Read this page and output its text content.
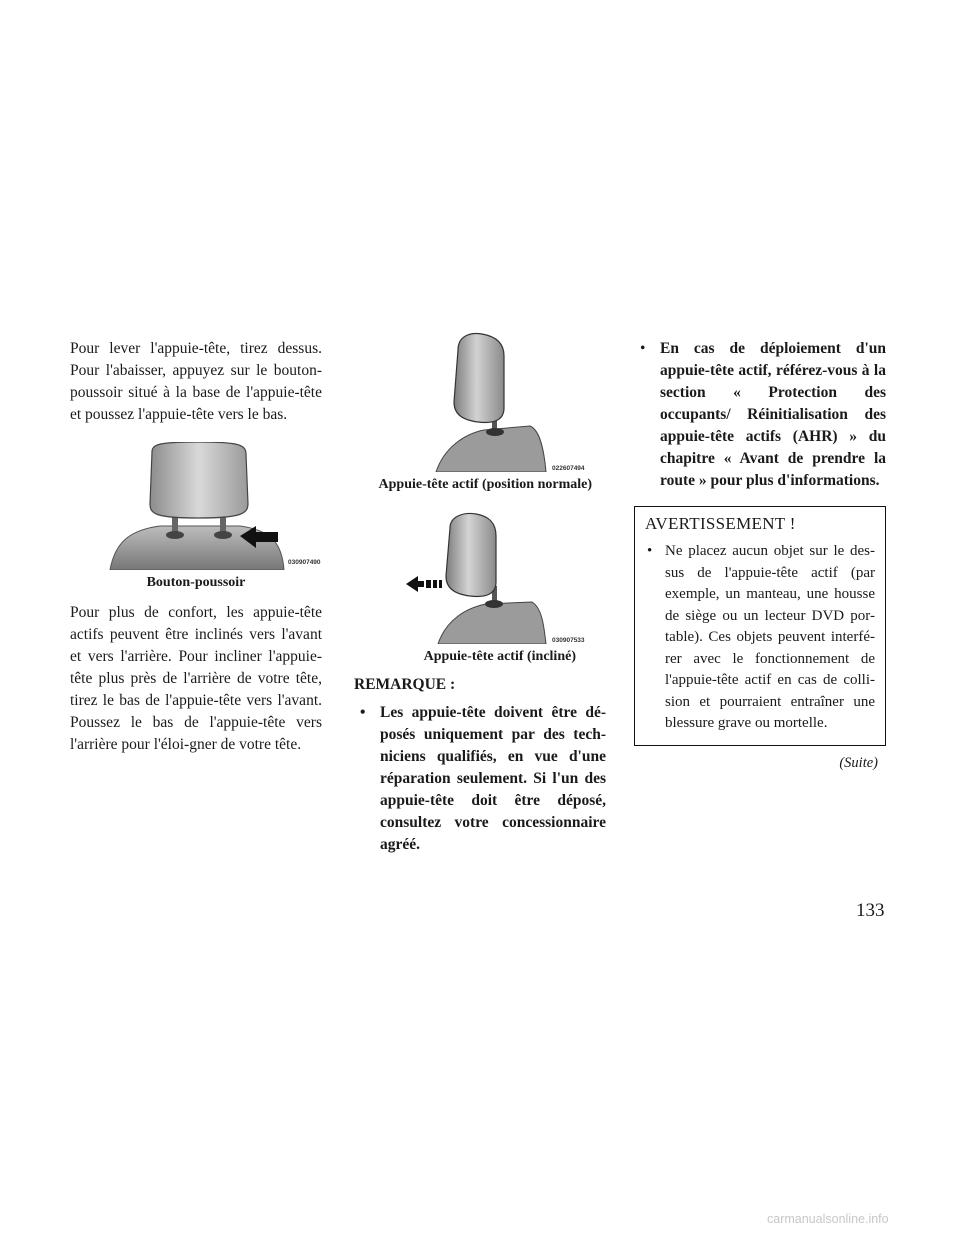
Pour lever l'appuie-tête, tirez dessus. Pour l'abaisser, appuyez sur le bouton-poussoir situé à la base de l'appuie-tête et poussez l'appuie-tête vers le bas.

030907490
Bouton-poussoir

Pour plus de confort, les appuie-tête actifs peuvent être inclinés vers l'avant et vers l'arrière. Pour incliner l'appuie-tête plus près de l'arrière de votre tête, tirez le bas de l'appuie-tête vers l'avant. Poussez le bas de l'appuie-tête vers l'arrière pour l'éloi-gner de votre tête.

022607494
Appuie-tête actif (position normale)
030907533
Appuie-tête actif (incliné)
REMARQUE :
• Les appuie-tête doivent être dé-posés uniquement par des tech-niciens qualifiés, en vue d'une réparation seulement. Si l'un des appuie-tête doit être déposé, consultez votre concessionnaire agréé.
• En cas de déploiement d'un appuie-tête actif, référez-vous à la section « Protection des occupants/ Réinitialisation des appuie-tête actifs (AHR) » du chapitre « Avant de prendre la route » pour plus d'informations.
AVERTISSEMENT !
• Ne placez aucun objet sur le des-sus de l'appuie-tête actif (par exemple, un manteau, une housse de siège ou un lecteur DVD por-table). Ces objets peuvent interfé-rer avec le fonctionnement de l'appuie-tête actif en cas de colli-sion et pourraient entraîner une blessure grave ou mortelle.
(Suite)
133
carmanualsonline.info
